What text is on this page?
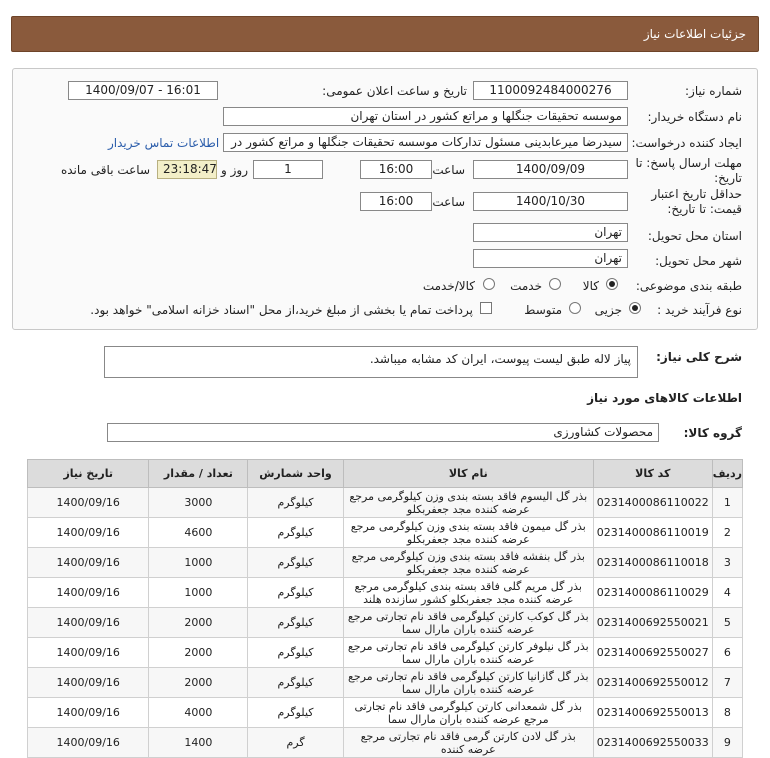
جزئیات اطلاعات نیاز
شماره نیاز:
1100092484000276
تاریخ و ساعت اعلان عمومی:
1400/09/07 - 16:01
نام دستگاه خریدار:
موسسه تحقیقات جنگلها و مراتع کشور در استان تهران
ایجاد کننده درخواست:
سیدرضا میرعابدینی مسئول تدارکات موسسه تحقیقات جنگلها و مراتع کشور در
اطلاعات تماس خریدار
مهلت ارسال پاسخ: تا
تاریخ:
1400/09/09
ساعت
16:00
1
روز و
23:18:47
ساعت باقی مانده
حداقل تاریخ اعتبار
قیمت: تا تاریخ:
1400/10/30
ساعت
16:00
استان محل تحویل:
تهران
شهر محل تحویل:
تهران
طبقه بندی موضوعی:
کالا
خدمت
کالا/خدمت
نوع فرآیند خرید :
جزیی
متوسط
پرداخت تمام یا بخشی از مبلغ خرید،از محل "اسناد خزانه اسلامی" خواهد بود.
شرح کلی نیاز:
پیاز لاله طبق لیست پیوست، ایران کد مشابه میباشد.
اطلاعات کالاهای مورد نیاز
گروه کالا:
محصولات کشاورزی
ردیف	کد کالا	نام کالا	واحد شمارش	تعداد / مقدار	تاریخ نیاز
1	0231400086110022	بذر گل الیسوم فاقد بسته بندی وزن کیلوگرمی مرجع عرضه کننده مجد جعفربکلو	کیلوگرم	3000	1400/09/16
2	0231400086110019	بذر گل میمون فاقد بسته بندی وزن کیلوگرمی مرجع عرضه کننده مجد جعفربکلو	کیلوگرم	4600	1400/09/16
3	0231400086110018	بذر گل بنفشه فاقد بسته بندی وزن کیلوگرمی مرجع عرضه کننده مجد جعفربکلو	کیلوگرم	1000	1400/09/16
4	0231400086110029	بذر گل مریم گلی فاقد بسته بندی کیلوگرمی مرجع عرضه کننده مجد جعفربکلو کشور سازنده هلند	کیلوگرم	1000	1400/09/16
5	0231400692550021	بذر گل کوکب کارتن کیلوگرمی فاقد نام تجارتی مرجع عرضه کننده باران مارال سما	کیلوگرم	2000	1400/09/16
6	0231400692550027	بذر گل نیلوفر کارتن کیلوگرمی فاقد نام تجارتی مرجع عرضه کننده باران مارال سما	کیلوگرم	2000	1400/09/16
7	0231400692550012	بذر گل گازانیا کارتن کیلوگرمی فاقد نام تجارتی مرجع عرضه کننده باران مارال سما	کیلوگرم	2000	1400/09/16
8	0231400692550013	بذر گل شمعدانی کارتن کیلوگرمی فاقد نام تجارتی مرجع عرضه کننده باران مارال سما	کیلوگرم	4000	1400/09/16
9	0231400692550033	بذر گل لادن کارتن گرمی فاقد نام تجارتی مرجع عرضه کننده	گرم	1400	1400/09/16
